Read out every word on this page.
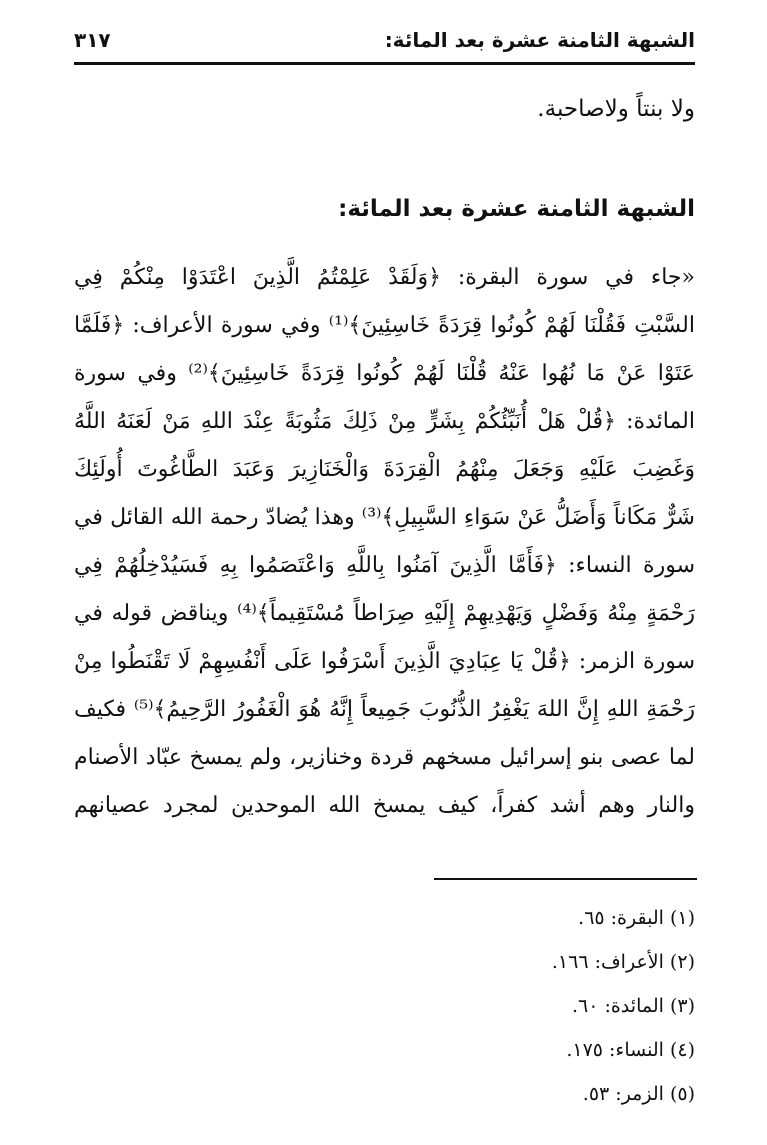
الشبهة الثامنة عشرة بعد المائة:
٣١٧
ولا بنتاً ولاصاحبة.
الشبهة الثامنة عشرة بعد المائة:
«جاء في سورة البقرة: ﴿وَلَقَدْ عَلِمْتُمُ الَّذِينَ اعْتَدَوْا مِنْكُمْ فِي
السَّبْتِ فَقُلْنَا لَهُمْ كُونُوا قِرَدَةً خَاسِئِينَ﴾⁽¹⁾ وفي سورة الأعراف: ﴿فَلَمَّا
عَتَوْا عَنْ مَا نُهُوا عَنْهُ قُلْنَا لَهُمْ كُونُوا قِرَدَةً خَاسِئِينَ﴾⁽²⁾ وفي سورة
المائدة: ﴿قُلْ هَلْ أُنَبِّئُكُمْ بِشَرٍّ مِنْ ذَلِكَ مَثُوبَةً عِنْدَ اللهِ مَنْ لَعَنَهُ اللَّهُ
وَغَضِبَ عَلَيْهِ وَجَعَلَ مِنْهُمُ الْقِرَدَةَ وَالْخَنَازِيرَ وَعَبَدَ الطَّاغُوتَ أُولَئِكَ
شَرٌّ مَكَاناً وَأَضَلُّ عَنْ سَوَاءِ السَّبِيلِ﴾⁽³⁾ وهذا يُضادّ رحمة الله القائل في
سورة النساء: ﴿فَأَمَّا الَّذِينَ آمَنُوا بِاللَّهِ وَاعْتَصَمُوا بِهِ فَسَيُدْخِلُهُمْ فِي
رَحْمَةٍ مِنْهُ وَفَضْلٍ وَيَهْدِيهِمْ إِلَيْهِ صِرَاطاً مُسْتَقِيماً﴾⁽⁴⁾ ويناقض قوله في
سورة الزمر: ﴿قُلْ يَا عِبَادِيَ الَّذِينَ أَسْرَفُوا عَلَى أَنْفُسِهِمْ لَا تَقْنَطُوا مِنْ
رَحْمَةِ اللهِ إِنَّ اللهَ يَغْفِرُ الذُّنُوبَ جَمِيعاً إِنَّهُ هُوَ الْغَفُورُ الرَّحِيمُ﴾⁽⁵⁾ فكيف
لما عصى بنو إسرائيل مسخهم قردة وخنازير، ولم يمسخ عبّاد الأصنام
والنار وهم أشد كفراً، كيف يمسخ الله الموحدين لمجرد عصيانهم
(١) البقرة: ٦٥.
(٢) الأعراف: ١٦٦.
(٣) المائدة: ٦٠.
(٤) النساء: ١٧٥.
(٥) الزمر: ٥٣.
